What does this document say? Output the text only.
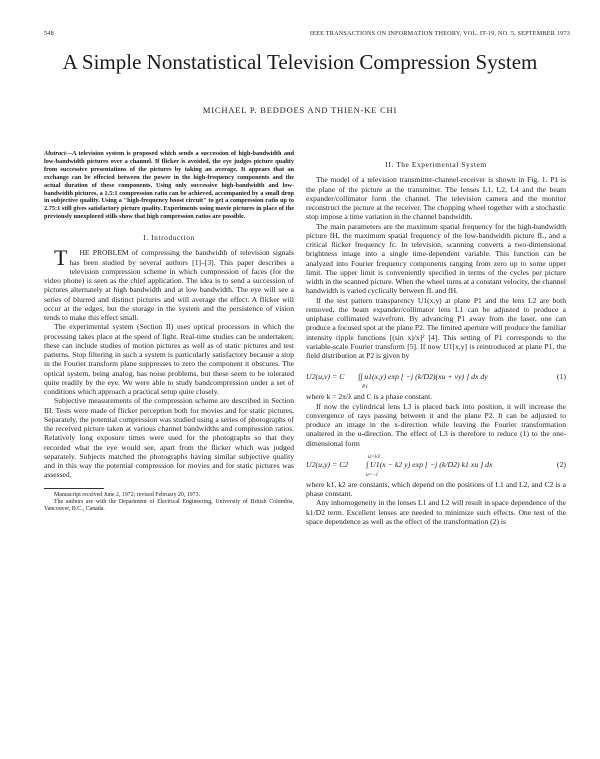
548	IEEE TRANSACTIONS ON INFORMATION THEORY, VOL. IT-19, NO. 5, SEPTEMBER 1973
A Simple Nonstatistical Television Compression System
MICHAEL P. BEDDOES AND THIEN-KE CHI
Abstract—A television system is proposed which sends a succession of high-bandwidth and low-bandwidth pictures over a channel. If flicker is avoided, the eye judges picture quality from successive presentations of the pictures by taking an average. It appears that an exchange can be effected between the power in the high-frequency components and the actual duration of these components. Using only successive high-bandwidth and low-bandwidth pictures, a 1.5:1 compression ratio can be achieved, accompanied by a small drop in subjective quality. Using a "high-frequency boost circuit" to get a compression ratio up to 2.75:1 still gives satisfactory picture quality. Experiments using movie pictures in place of the previously unexplored stills show that high compression ratios are possible.
I. Introduction

T HE PROBLEM of compressing the bandwidth of television signals has been studied by several authors [1]–[3]. This paper describes a television compression scheme in which compression of faces (for the video phone) is seen as the chief application. The idea is to send a succession of pictures alternately at high bandwidth and at low bandwidth. The eye will see a series of blurred and distinct pictures and will average the effect. A flicker will occur at the edges, but the storage in the system and the persistence of vision tends to make this effect small.

The experimental system (Section II) uses optical processors in which the processing takes place at the speed of light. Real-time studies can be undertaken; these can include studies of motion pictures as well as of static pictures and test patterns. Stop filtering in such a system is particularly satisfactory because a stop in the Fourier transform plane suppresses to zero the component it obscures. The optical system, being analog, has noise problems, but these seem to be tolerated quite readily by the eye. We were able to study bandcompression under a set of conditions which approach a practical setup quite closely.

Subjective measurements of the compression scheme are described in Section III. Tests were made of flicker perception both for movies and for static pictures. Separately, the potential compression was studied using a series of photographs of the received picture taken at various channel bandwidths and compression ratios. Relatively long exposure times were used for the photographs so that they recorded what the eye would see, apart from the flicker which was judged separately. Subjects matched the photographs having similar subjective quality and in this way the potential compression for movies and for static pictures was assessed.

Manuscript received June 2, 1972; revised February 20, 1973.

The authors are with the Department of Electrical Engineering, University of British Columbia, Vancouver, B.C., Canada.

II. The Experimental System

The model of a television transmitter-channel-receiver is shown in Fig. 1. P1 is the plane of the picture at the transmitter. The lenses L1, L2, L4 and the beam expander/collimator form the channel. The television camera and the monitor reconstruct the picture at the receiver. The chopping wheel together with a stochastic stop impose a time variation in the channel bandwidth.

The main parameters are the maximum spatial frequency for the high-bandwidth picture fH, the maximum spatial frequency of the low-bandwidth picture fL, and a critical flicker frequency fc. In television, scanning converts a two-dimensional brightness image into a single time-dependent variable. This function can be analyzed into Fourier frequency components ranging from zero up to some upper limit. The upper limit is conveniently specified in terms of the cycles per picture width in the scanned picture. When the wheel turns at a constant velocity, the channel bandwidth is varied cyclically between fL and fH.

If the test pattern transparency U1(x,y) at plane P1 and the lens L2 are both removed, the beam expander/collimator lens L1 can be adjusted to produce a uniphase collimated wavefront. By advancing P1 away from the laser, one can produce a focused spot at the plane P2. The limited aperture will produce the familiar intensity ripple functions [(sin x)/x]² [4]. This setting of P1 corresponds to the variable-scale Fourier transform [5]. If now U1[x,y] is reintroduced at plane P1, the field distribution at P2 is given by

U2(u,v) = C ∫∫ u1(x,y) exp [ −j (k/D2)(xu + vy) ] dx dy
P1
(1)

where k = 2π/λ and C is a phase constant.

If now the cylindrical lens L3 is placed back into position, it will increase the convergence of rays passing between it and the plane P2. It can be adjusted to produce an image in the x-direction while leaving the Fourier transformation unaltered in the u-direction. The effect of L3 is therefore to reduce (1) to the one-dimensional form

U2(u,y) = C2
u=l/2
∫ U1(x − k2 y) exp [ −j (k/D2) k1 xu ] dx
u=−l
(2)

where k1, k2 are constants, which depend on the positions of L1 and L2, and C2 is a phase constant.

Any inhomogeneity in the lenses L1 and L2 will result in space dependence of the k1/D2 term. Excellent lenses are needed to minimize such effects. One test of the space dependence as well as the effect of the transformation (2) is
